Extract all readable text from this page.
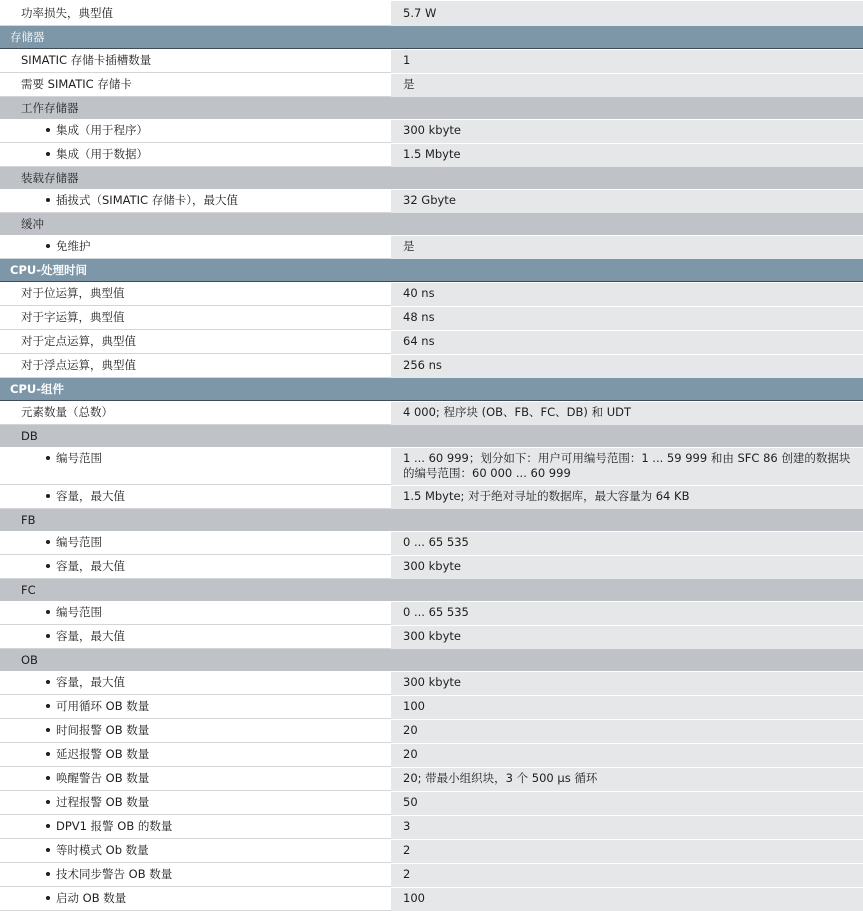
功率损失，典型值	5.7 W
存储器
SIMATIC 存储卡插槽数量	1
需要 SIMATIC 存储卡	是
工作存储器
集成（用于程序）	300 kbyte
集成（用于数据）	1.5 Mbyte
装载存储器
插拔式（SIMATIC 存储卡），最大值	32 Gbyte
缓冲
免维护	是
CPU-处理时间
对于位运算，典型值	40 ns
对于字运算，典型值	48 ns
对于定点运算，典型值	64 ns
对于浮点运算，典型值	256 ns
CPU-组件
元素数量（总数）	4 000; 程序块 (OB、FB、FC、DB) 和 UDT
DB
编号范围	1 ... 60 999；划分如下：用户可用编号范围：1 ... 59 999 和由 SFC 86 创建的数据块的编号范围：60 000 ... 60 999
容量，最大值	1.5 Mbyte; 对于绝对寻址的数据库，最大容量为 64 KB
FB
编号范围	0 ... 65 535
容量，最大值	300 kbyte
FC
编号范围	0 ... 65 535
容量，最大值	300 kbyte
OB
容量，最大值	300 kbyte
可用循环 OB 数量	100
时间报警 OB 数量	20
延迟报警 OB 数量	20
唤醒警告 OB 数量	20; 带最小组织块，3 个 500 µs 循环
过程报警 OB 数量	50
DPV1 报警 OB 的数量	3
等时模式 Ob 数量	2
技术同步警告 OB 数量	2
启动 OB 数量	100
